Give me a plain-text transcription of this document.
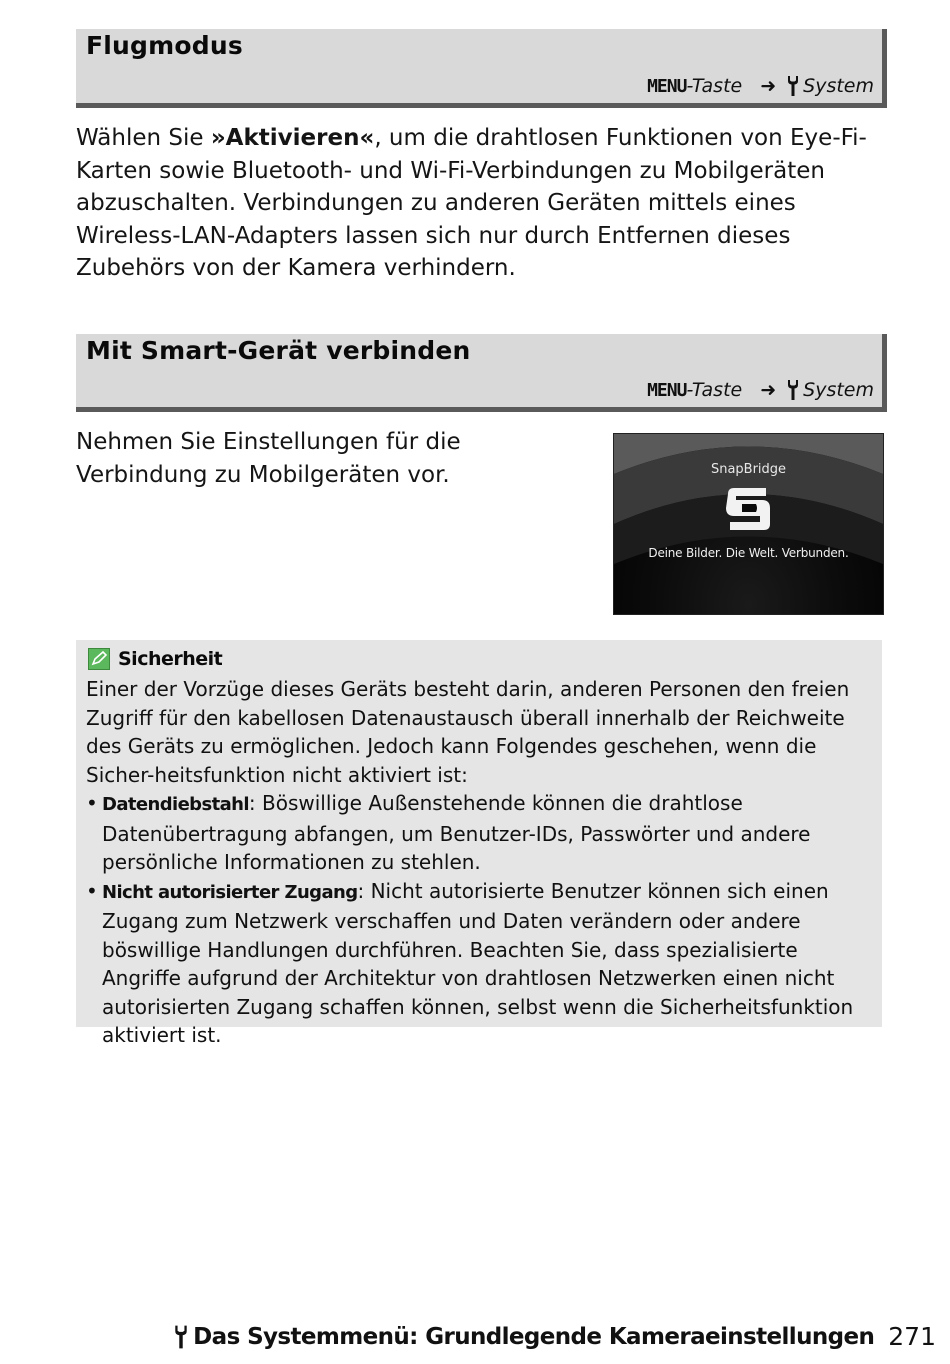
Flugmodus
MENU -Taste ➜ System
Wählen Sie »Aktivieren«, um die drahtlosen Funktionen von Eye-Fi-Karten sowie Bluetooth- und Wi-Fi-Verbindungen zu Mobilgeräten abzuschalten. Verbindungen zu anderen Geräten mittels eines Wireless-LAN-Adapters lassen sich nur durch Entfernen dieses Zubehörs von der Kamera verhindern.
Mit Smart-Gerät verbinden
MENU -Taste ➜ System
Nehmen Sie Einstellungen für die Verbindung zu Mobilgeräten vor.	SnapBridge
Deine Bilder. Die Welt. Verbunden.
Sicherheit
Einer der Vorzüge dieses Geräts besteht darin, anderen Personen den freien Zugriff für den kabellosen Datenaustausch überall innerhalb der Reichweite des Geräts zu ermöglichen. Jedoch kann Folgendes geschehen, wenn die Sicher-heitsfunktion nicht aktiviert ist:
• Datendiebstahl: Böswillige Außenstehende können die drahtlose Datenübertragung abfangen, um Benutzer-IDs, Passwörter und andere persönliche Informationen zu stehlen.
• Nicht autorisierter Zugang: Nicht autorisierte Benutzer können sich einen Zugang zum Netzwerk verschaffen und Daten verändern oder andere böswillige Handlungen durchführen. Beachten Sie, dass spezialisierte Angriffe aufgrund der Architektur von drahtlosen Netzwerken einen nicht autorisierten Zugang schaffen können, selbst wenn die Sicherheitsfunktion aktiviert ist.
Das Systemmenü: Grundlegende Kameraeinstellungen 271
